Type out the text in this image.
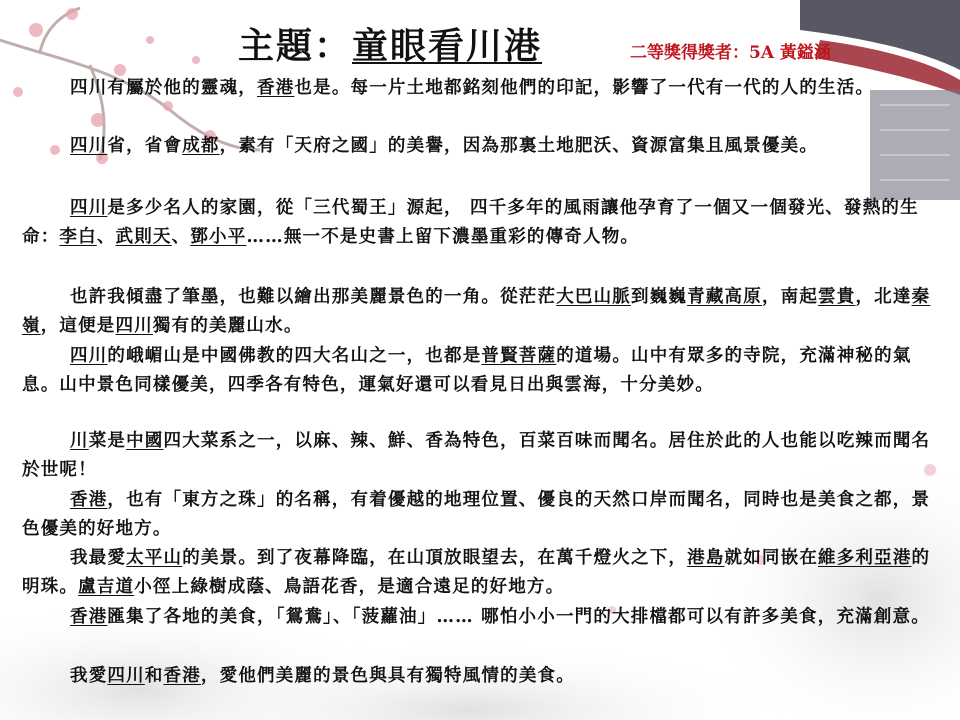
主題：童眼看川港	二等獎得獎者：5A 黃鎰涵

四川有屬於他的靈魂，香港也是。每一片土地都銘刻他們的印記，影響了一代有一代的人的生活。

四川省，省會成都，素有「天府之國」的美譽，因為那裏土地肥沃、資源富集且風景優美。

四川是多少名人的家園，從「三代蜀王」源起， 四千多年的風雨讓他孕育了一個又一個發光、發熱的生命：李白、武則天、鄧小平……無一不是史書上留下濃墨重彩的傳奇人物。

也許我傾盡了筆墨，也難以繪出那美麗景色的一角。從茫茫大巴山脈到巍巍青藏高原，南起雲貴，北達秦嶺，這便是四川獨有的美麗山水。

四川的峨嵋山是中國佛教的四大名山之一，也都是普賢菩薩的道場。山中有眾多的寺院，充滿神秘的氣息。山中景色同樣優美，四季各有特色，運氣好還可以看見日出與雲海，十分美妙。

川菜是中國四大菜系之一，以麻、辣、鮮、香為特色，百菜百味而聞名。居住於此的人也能以吃辣而聞名於世呢！

香港，也有「東方之珠」的名稱，有着優越的地理位置、優良的天然口岸而聞名，同時也是美食之都，景色優美的好地方。

我最愛太平山的美景。到了夜幕降臨，在山頂放眼望去，在萬千燈火之下，港島就如同嵌在維多利亞港的明珠。盧吉道小徑上綠樹成蔭、鳥語花香，是適合遠足的好地方。

香港匯集了各地的美食，「鴛鴦」、「菠蘿油」…… 哪怕小小一門的大排檔都可以有許多美食，充滿創意。

我愛四川和香港，愛他們美麗的景色與具有獨特風情的美食。
